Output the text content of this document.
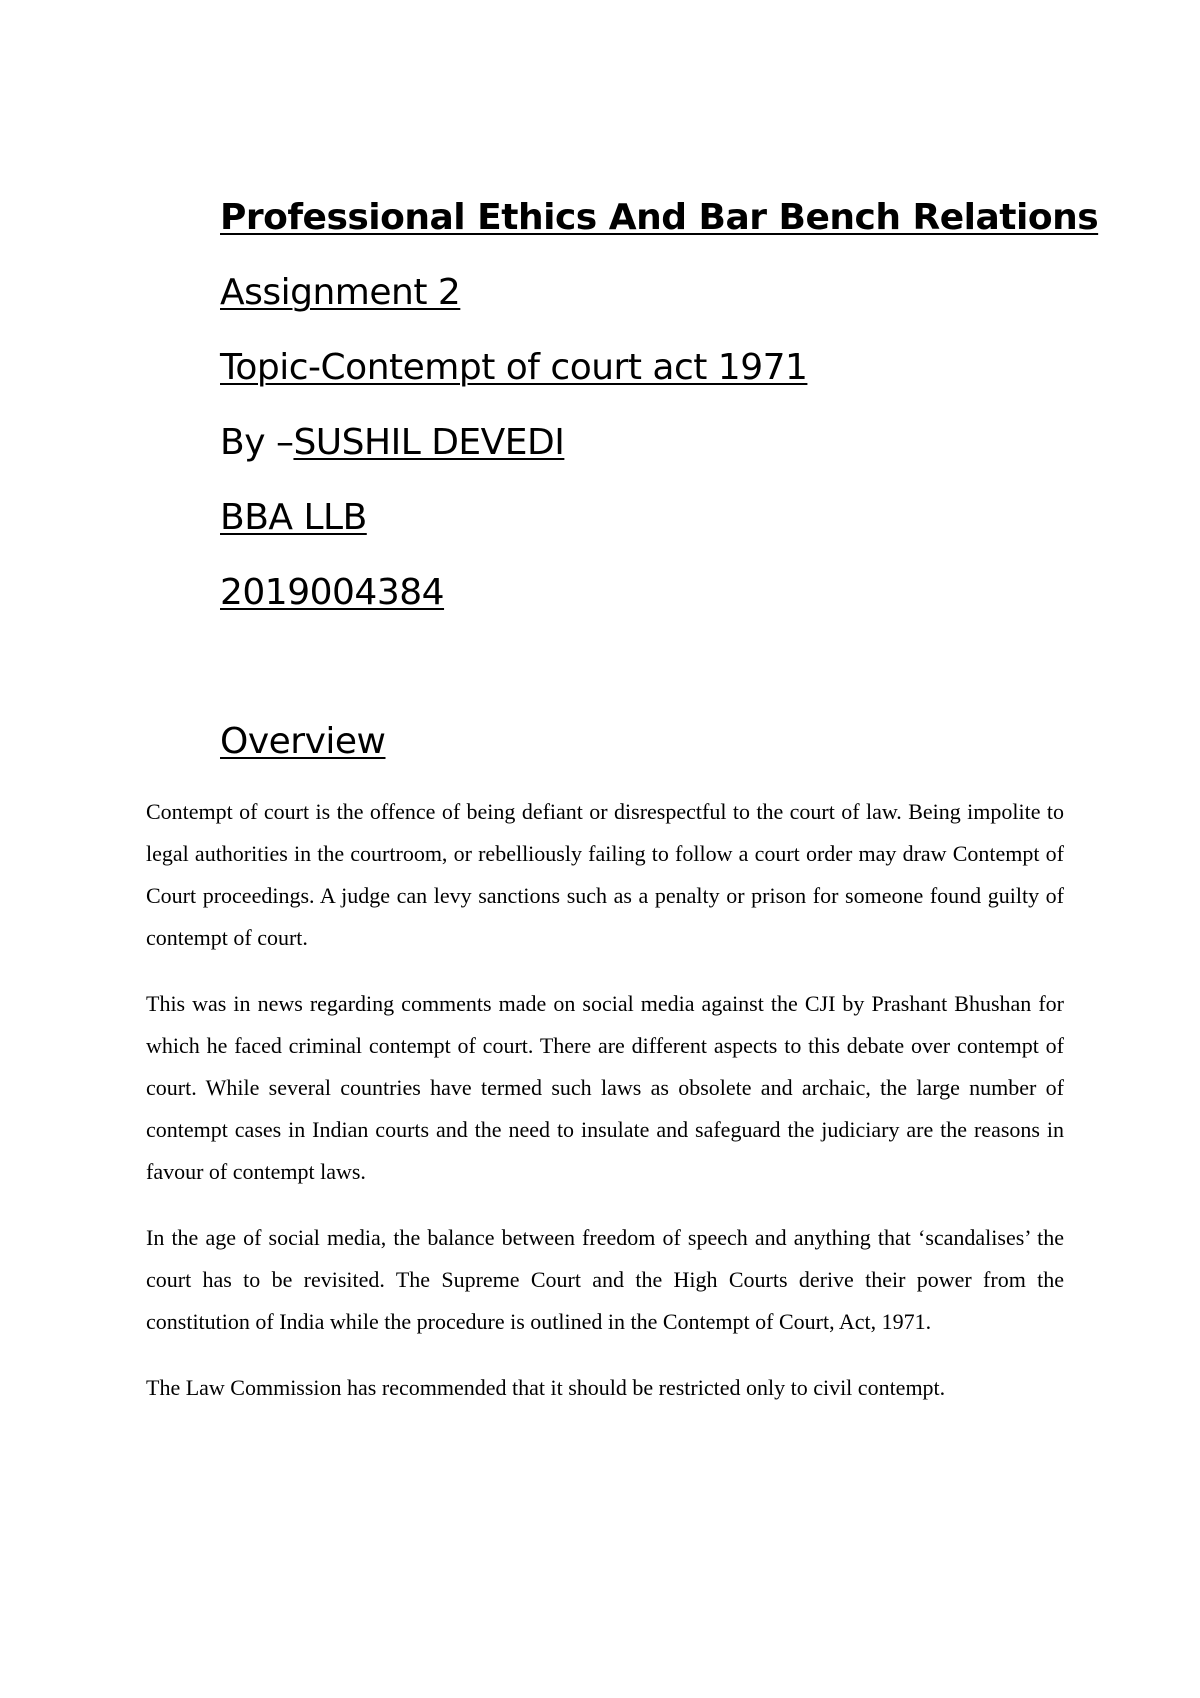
Professional Ethics And Bar Bench Relations
Assignment 2
Topic-Contempt of court act 1971
By –SUSHIL DEVEDI
BBA LLB
2019004384
Overview

Contempt of court is the offence of being defiant or disrespectful to the court of law. Being impolite to legal authorities in the courtroom, or rebelliously failing to follow a court order may draw Contempt of Court proceedings. A judge can levy sanctions such as a penalty or prison for someone found guilty of contempt of court.

This was in news regarding comments made on social media against the CJI by Prashant Bhushan for which he faced criminal contempt of court. There are different aspects to this debate over contempt of court. While several countries have termed such laws as obsolete and archaic, the large number of contempt cases in Indian courts and the need to insulate and safeguard the judiciary are the reasons in favour of contempt laws.

In the age of social media, the balance between freedom of speech and anything that ‘scandalises’ the court has to be revisited. The Supreme Court and the High Courts derive their power from the constitution of India while the procedure is outlined in the Contempt of Court, Act, 1971.

The Law Commission has recommended that it should be restricted only to civil contempt.
